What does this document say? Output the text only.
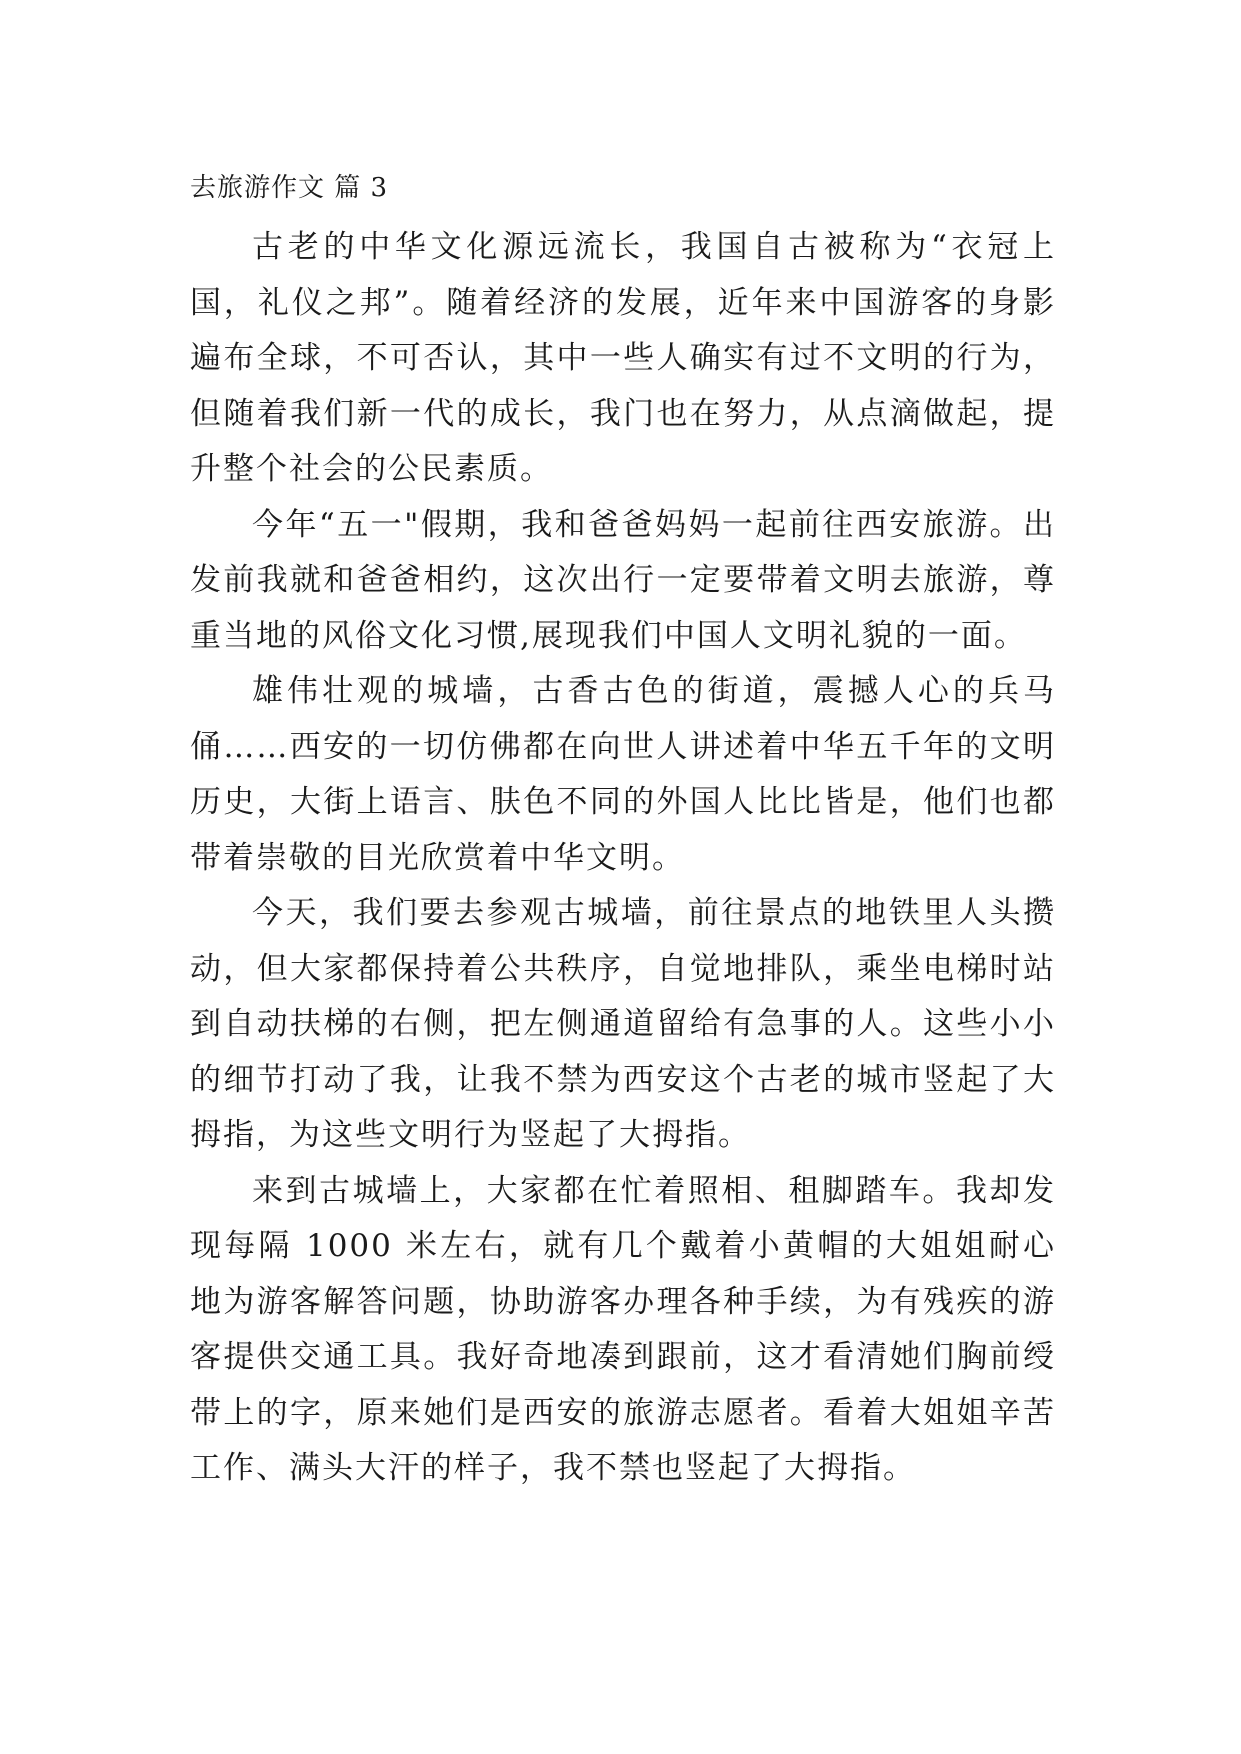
去旅游作文 篇 3

古老的中华文化源远流长，我国自古被称为“衣冠上国，礼仪之邦”。随着经济的发展，近年来中国游客的身影遍布全球，不可否认，其中一些人确实有过不文明的行为，但随着我们新一代的成长，我门也在努力，从点滴做起，提升整个社会的公民素质。

今年“五一"假期，我和爸爸妈妈一起前往西安旅游。出发前我就和爸爸相约，这次出行一定要带着文明去旅游，尊重当地的风俗文化习惯,展现我们中国人文明礼貌的一面。

雄伟壮观的城墙，古香古色的街道，震撼人心的兵马俑……西安的一切仿佛都在向世人讲述着中华五千年的文明历史，大街上语言、肤色不同的外国人比比皆是，他们也都带着崇敬的目光欣赏着中华文明。

今天，我们要去参观古城墙，前往景点的地铁里人头攒动，但大家都保持着公共秩序，自觉地排队，乘坐电梯时站到自动扶梯的右侧，把左侧通道留给有急事的人。这些小小的细节打动了我，让我不禁为西安这个古老的城市竖起了大拇指，为这些文明行为竖起了大拇指。

来到古城墙上，大家都在忙着照相、租脚踏车。我却发现每隔 1000 米左右，就有几个戴着小黄帽的大姐姐耐心地为游客解答问题，协助游客办理各种手续，为有残疾的游客提供交通工具。我好奇地凑到跟前，这才看清她们胸前绶带上的字，原来她们是西安的旅游志愿者。看着大姐姐辛苦工作、满头大汗的样子，我不禁也竖起了大拇指。
